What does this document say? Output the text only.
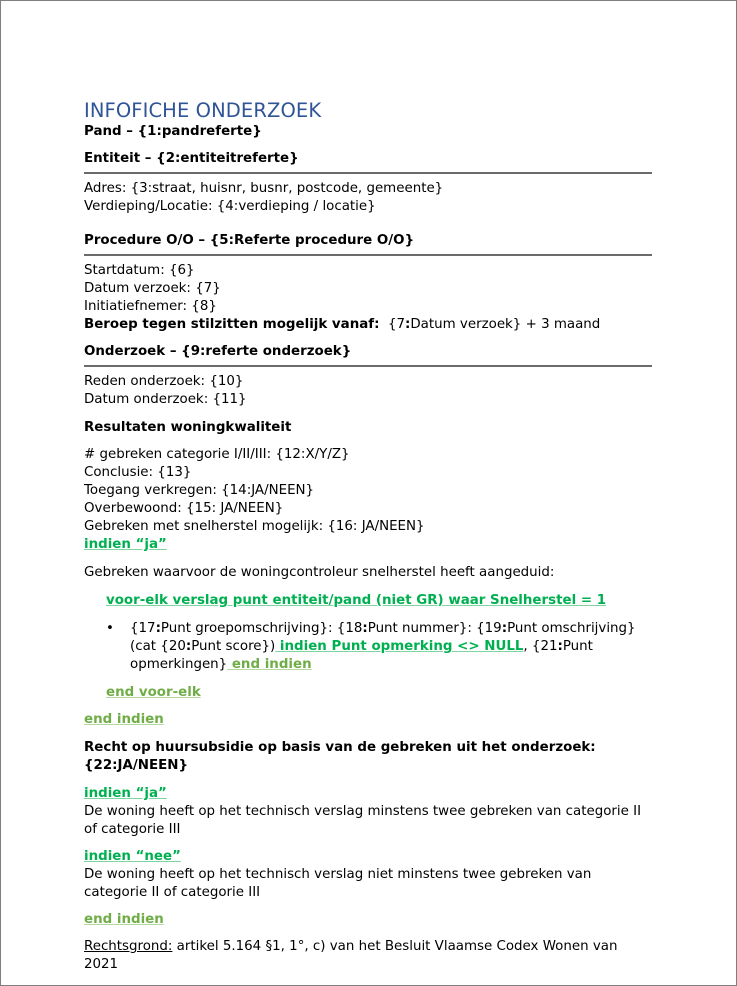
INFOFICHE ONDERZOEK

Pand – {1:pandreferte}

Entiteit – {2:entiteitreferte}

Adres: {3:straat, huisnr, busnr, postcode, gemeente}

Verdieping/Locatie: {4:verdieping / locatie}

Procedure O/O – {5:Referte procedure O/O}

Startdatum: {6}

Datum verzoek: {7}

Initiatiefnemer: {8}

Beroep tegen stilzitten mogelijk vanaf: {7:Datum verzoek} + 3 maand

Onderzoek – {9:referte onderzoek}

Reden onderzoek: {10}

Datum onderzoek: {11}

Resultaten woningkwaliteit

# gebreken categorie I/II/III: {12:X/Y/Z}

Conclusie: {13}

Toegang verkregen: {14:JA/NEEN}

Overbewoond: {15: JA/NEEN}

Gebreken met snelherstel mogelijk: {16: JA/NEEN}

indien “ja”

Gebreken waarvoor de woningcontroleur snelherstel heeft aangeduid:

voor-elk verslag punt entiteit/pand (niet GR) waar Snelherstel = 1

•	{17:Punt groepomschrijving}: {18:Punt nummer}: {19:Punt omschrijving} (cat {20:Punt score}) indien Punt opmerking <> NULL, {21:Punt opmerkingen} end indien

end voor-elk

end indien

Recht op huursubsidie op basis van de gebreken uit het onderzoek: {22:JA/NEEN}

indien “ja”

De woning heeft op het technisch verslag minstens twee gebreken van categorie II of categorie III

indien “nee”

De woning heeft op het technisch verslag niet minstens twee gebreken van categorie II of categorie III

end indien

Rechtsgrond: artikel 5.164 §1, 1°, c) van het Besluit Vlaamse Codex Wonen van 2021
